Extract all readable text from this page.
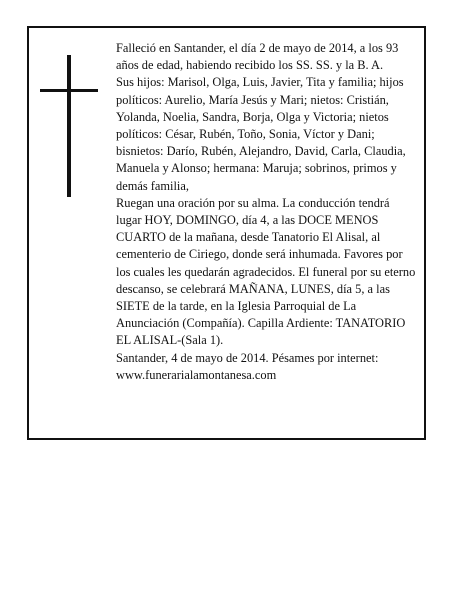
Falleció en Santander, el día 2 de mayo de 2014, a los 93 años de edad, habiendo recibido los SS. SS. y la B. A.

Sus hijos: Marisol, Olga, Luis, Javier, Tita y familia; hijos políticos: Aurelio, María Jesús y Mari; nietos: Cristián, Yolanda, Noelia, Sandra, Borja, Olga y Victoria; nietos políticos: César, Rubén, Toño, Sonia, Víctor y Dani; bisnietos: Darío, Rubén, Alejandro, David, Carla, Claudia, Manuela y Alonso; hermana: Maruja; sobrinos, primos y demás familia,

Ruegan una oración por su alma. La conducción tendrá lugar HOY, DOMINGO, día 4, a las DOCE MENOS CUARTO de la mañana, desde Tanatorio El Alisal, al cementerio de Ciriego, donde será inhumada. Favores por los cuales les quedarán agradecidos. El funeral por su eterno descanso, se celebrará MAÑANA, LUNES, día 5, a las SIETE de la tarde, en la Iglesia Parroquial de La Anunciación (Compañía). Capilla Ardiente: TANATORIO EL ALISAL-(Sala 1).

Santander, 4 de mayo de 2014. Pésames por internet: www.funerarialamontanesa.com
